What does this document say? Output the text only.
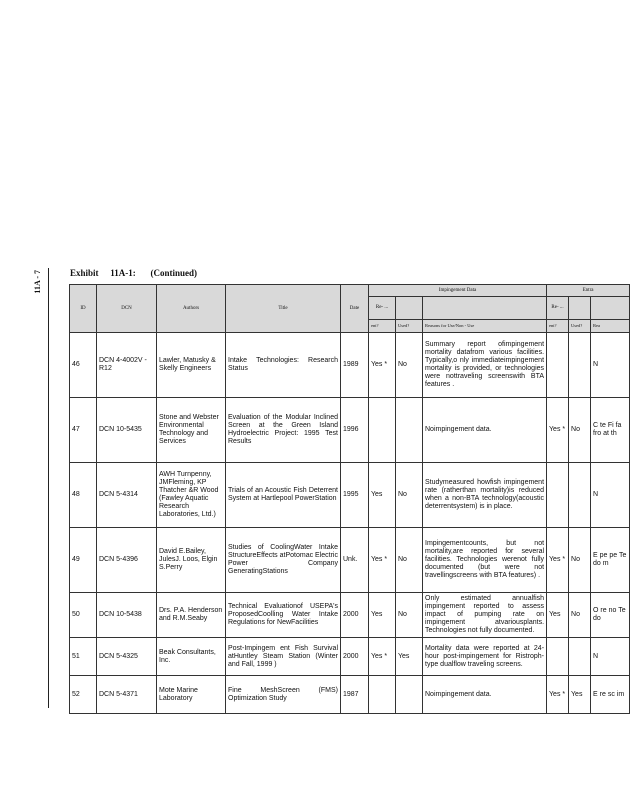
11A - 7	Exhibit 11A-1: (Continued)
ID	DCN	Authors	Title	Date	Impingement Data			Entra		
					Re- ...			Re- ...		
					ent?	Used?	Reasons for Use/Non - Use	ent?	Used?	Rea
46	DCN 4-4002V - R12	Lawler, Matusky & Skelly Engineers	Intake Technologies: Research Status	1989	Yes *	No	Summary report ofimpingement mortality datafrom various facilities. Typically,o nly immediateimpingement mortality is provided, or technologies were nottraveling screenswith BTA features .			N
47	DCN 10-5435	Stone and Webster Environmental Technology and Services	Evaluation of the Modular Inclined Screen at the Green Island Hydroelectric Project: 1995 Test Results	1996			Noimpingement data.	Yes *	No	C te Fi fa fro at th
48	DCN 5-4314	AWH Turnpenny, JMFleming, KP Thatcher &R Wood (Fawley Aquatic Research Laboratories, Ltd.)	Trials of an Acoustic Fish Deterrent System at Hartlepool PowerStation	1995	Yes	No	Studymeasured howfish impingement rate (ratherthan mortality)is reduced when a non-BTA technology(acoustic deterrentsystem) is in place.			N
49	DCN 5-4396	David E.Bailey, JulesJ. Loos, Elgin S.Perry	Studies of CoolingWater Intake StructureEffects atPotomac Electric Power Company GeneratingStations	Unk.	Yes *	No	Impingementcounts, but not mortality,are reported for several facilities. Technologies werenot fully documented (but were not travellingscreens with BTA features) .	Yes *	No	E pe pe Te do m
50	DCN 10-5438	Drs. P.A. Henderson and R.M.Seaby	Technical Evaluationof USEPA's ProposedCoolling Water Intake Regulations for NewFacilities	2000	Yes	No	Only estimated annualfish impingement reported to assess impact of pumping rate on impingement atvariousplants. Technologies not fully documented.	Yes	No	O re no Te do
51	DCN 5-4325	Beak Consultants, Inc.	Post-Impingem ent Fish Survival atHuntley Steam Station (Winter and Fall, 1999 )	2000	Yes *	Yes	Mortality data were reported at 24-hour post-impingement for Ristroph-type dualflow traveling screens.			N
52	DCN 5-4371	Mote Marine Laboratory	Fine MeshScreen (FMS) Optimization Study	1987			Noimpingement data.	Yes *	Yes	E re sc im
